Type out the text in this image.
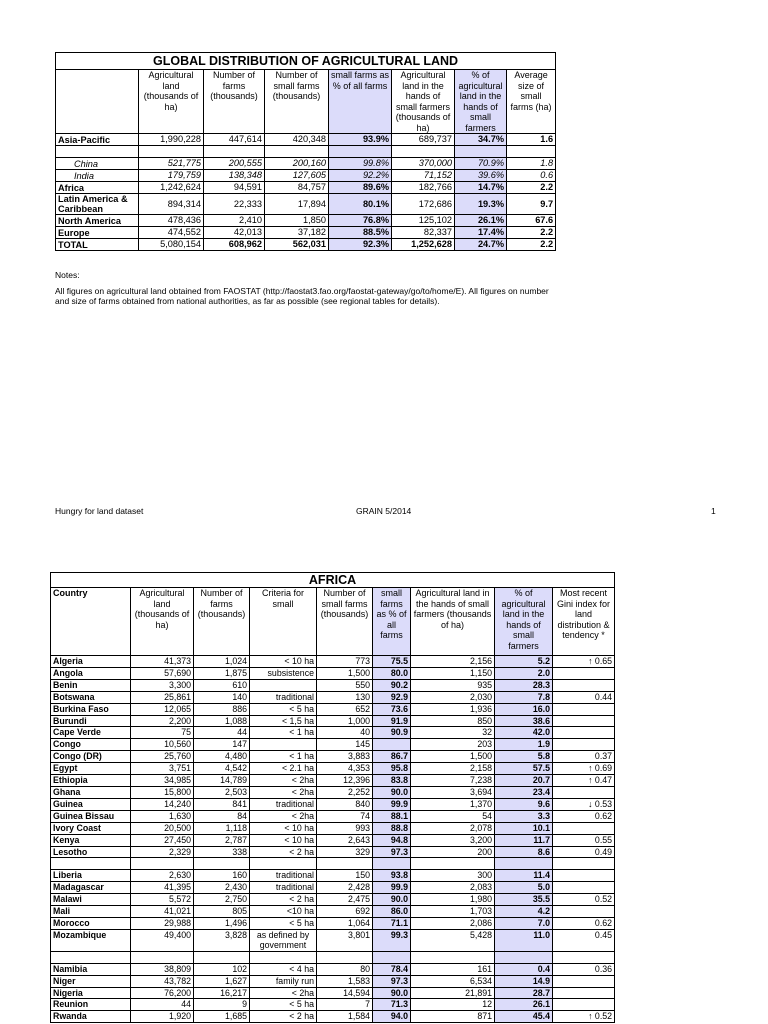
GLOBAL DISTRIBUTION OF AGRICULTURAL LAND							
	Agricultural land (thousands of ha)	Number of farms (thousands)	Number of small farms (thousands)	small farms as % of all farms	Agricultural land in the hands of small farmers (thousands of ha)	% of agricultural land in the hands of small farmers	Average size of small farms (ha)
Asia-Pacific	1,990,228	447,614	420,348	93.9%	689,737	34.7%	1.6

China	521,775	200,555	200,160	99.8%	370,000	70.9%	1.8
India	179,759	138,348	127,605	92.2%	71,152	39.6%	0.6
Africa	1,242,624	94,591	84,757	89.6%	182,766	14.7%	2.2
Latin America & Caribbean	894,314	22,333	17,894	80.1%	172,686	19.3%	9.7
North America	478,436	2,410	1,850	76.8%	125,102	26.1%	67.6
Europe	474,552	42,013	37,182	88.5%	82,337	17.4%	2.2
TOTAL	5,080,154	608,962	562,031	92.3%	1,252,628	24.7%	2.2
Notes:
All figures on agricultural land obtained from FAOSTAT (http://faostat3.fao.org/faostat-gateway/go/to/home/E). All figures on number and size of farms obtained from national authorities, as far as possible (see regional tables for details).
Hungry for land dataset	GRAIN 5/2014	1
AFRICA								
Country	Agricultural land (thousands of ha)	Number of farms (thousands)	Criteria for small	Number of small farms (thousands)	small farms as % of all farms	Agricultural land in the hands of small farmers (thousands of ha)	% of agricultural land in the hands of small farmers	Most recent Gini index for land distribution & tendency *
Algeria	41,373	1,024	< 10 ha	773	75.5	2,156	5.2	↑ 0.65
Angola	57,690	1,875	subsistence	1,500	80.0	1,150	2.0	
Benin	3,300	610		550	90.2	935	28.3	
Botswana	25,861	140	traditional	130	92.9	2,030	7.8	0.44
Burkina Faso	12,065	886	< 5 ha	652	73.6	1,936	16.0	
Burundi	2,200	1,088	< 1,5 ha	1,000	91.9	850	38.6	
Cape Verde	75	44	< 1 ha	40	90.9	32	42.0	
Congo	10,560	147		145		203	1.9	
Congo (DR)	25,760	4,480	< 1 ha	3,883	86.7	1,500	5.8	0.37
Egypt	3,751	4,542	< 2.1 ha	4,353	95.8	2,158	57.5	↑ 0.69
Ethiopia	34,985	14,789	< 2ha	12,396	83.8	7,238	20.7	↑ 0.47
Ghana	15,800	2,503	< 2ha	2,252	90.0	3,694	23.4	
Guinea	14,240	841	traditional	840	99.9	1,370	9.6	↓ 0.53
Guinea Bissau	1,630	84	< 2ha	74	88.1	54	3.3	0.62
Ivory Coast	20,500	1,118	< 10 ha	993	88.8	2,078	10.1	
Kenya	27,450	2,787	< 10 ha	2,643	94.8	3,200	11.7	0.55
Lesotho	2,329	338	< 2 ha	329	97.3	200	8.6	0.49

Liberia	2,630	160	traditional	150	93.8	300	11.4	
Madagascar	41,395	2,430	traditional	2,428	99.9	2,083	5.0	
Malawi	5,572	2,750	< 2 ha	2,475	90.0	1,980	35.5	0.52
Mali	41,021	805	<10 ha	692	86.0	1,703	4.2	
Morocco	29,988	1,496	< 5 ha	1,064	71.1	2,086	7.0	0.62
Mozambique	49,400	3,828	as defined by government	3,801	99.3	5,428	11.0	0.45

Namibia	38,809	102	< 4 ha	80	78.4	161	0.4	0.36
Niger	43,782	1,627	family run	1,583	97.3	6,534	14.9	
Nigeria	76,200	16,217	< 2ha	14,594	90.0	21,891	28.7	
Reunion	44	9	< 5 ha	7	71.3	12	26.1	
Rwanda	1,920	1,685	< 2 ha	1,584	94.0	871	45.4	↑ 0.52
